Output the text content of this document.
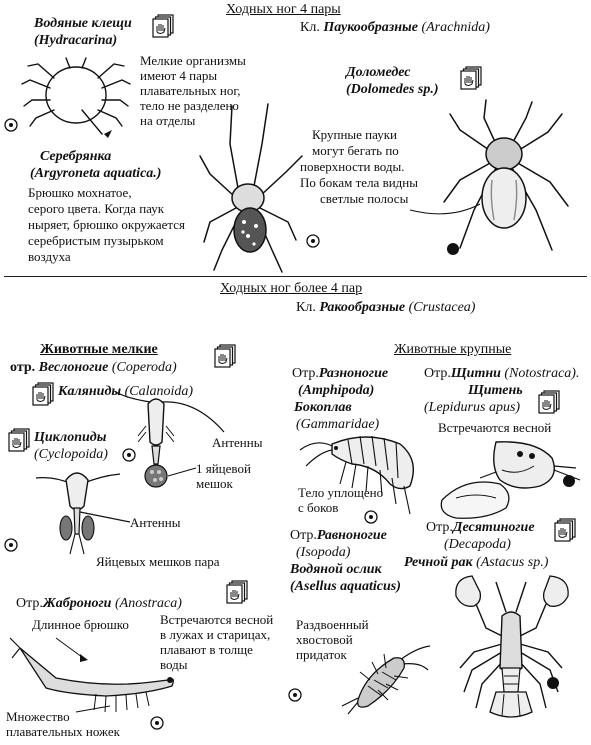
Ходных ног 4 пары
Кл. Паукообразные (Arachnida)
Ходных ног более 4 пар
Кл. Ракообразные (Crustacea)
Водяные клещи
(Hydracarina)
Мелкие организмы
имеют 4 пары
плавательных ног,
тело не разделено
на отделы
Серебрянка
(Argyroneta aquatica.)
Брюшко мохнатое,
серого цвета. Когда паук
ныряет, брюшко окружается
серебристым пузырьком
воздуха
Доломедес
(Dolomedes sp.)
Крупные пауки
могут бегать по
поверхности воды.
По бокам тела видны
светлые полосы
Животные мелкие
отр. Веслоногие (Coperoda)
Каляниды (Calanoida)
Циклопиды
(Cycloроida)
Антенны
1 яйцевой
мешок
Антенны
Яйцевых мешков пара
Отр.Жаброноги (Anostraca)
Встречаются весной
в лужах и старицах,
плавают в толще
воды
Длинное брюшко
Множество
плавательных ножек
Животные крупные
Отр.Разноногие
(Amphipoda)
Бокоплав
(Gammaridae)
Тело уплощено
с боков
Отр.Щитни (Notostraca).
Щитень
(Lepidurus apus)
Встречаются весной
Отр.Равноногие
(Isopoda)
Водяной ослик
(Asellus aquaticus)
Раздвоенный
хвостовой
придаток
Отр.Десятиногие
(Decapoda)
Речной рак (Astacus sp.)
